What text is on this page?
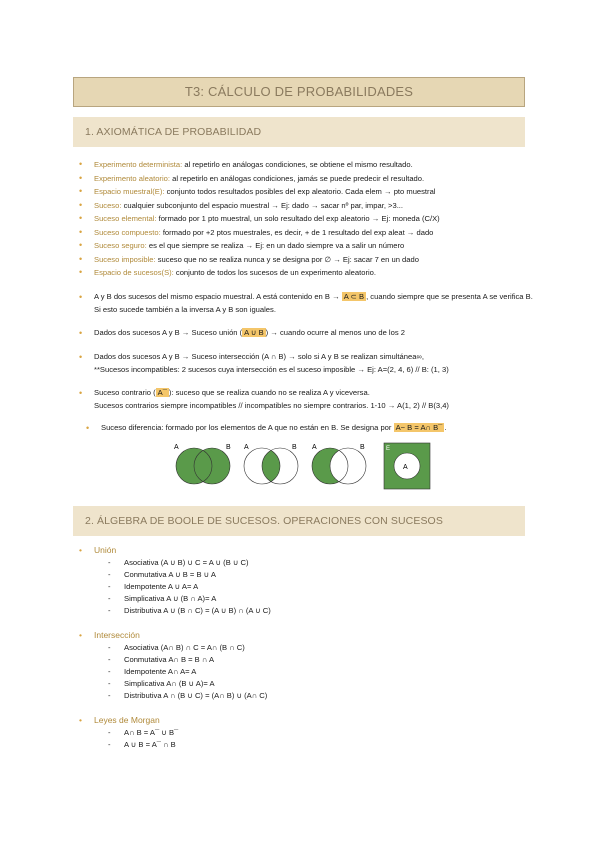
T3: CÁLCULO DE PROBABILIDADES
1. AXIOMÁTICA DE PROBABILIDAD
• Experimento determinista: al repetirlo en análogas condiciones, se obtiene el mismo resultado.
• Experimento aleatorio: al repetirlo en análogas condiciones, jamás se puede predecir el resultado.
• Espacio muestral(E): conjunto todos resultados posibles del exp aleatorio. Cada elem → pto muestral
• Suceso: cualquier subconjunto del espacio muestral → Ej: dado → sacar nº par, impar, >3...
• Suceso elemental: formado por 1 pto muestral, un solo resultado del exp aleatorio → Ej: moneda (C/X)
• Suceso compuesto: formado por +2 ptos muestrales, es decir, + de 1 resultado del exp aleat → dado
• Suceso seguro: es el que siempre se realiza → Ej: en un dado siempre va a salir un número
• Suceso imposible: suceso que no se realiza nunca y se designa por ∅ → Ej: sacar 7 en un dado
• Espacio de sucesos(S): conjunto de todos los sucesos de un experimento aleatorio.
• A y B dos sucesos del mismo espacio muestral. A está contenido en B → A ⊂ B , cuando siempre que se presenta A se verifica B. Si esto sucede también a la inversa A y B son iguales.
• Dados dos sucesos A y B → Suceso unión ( A ∪ B ) → cuando ocurre al menos uno de los 2
• Dados dos sucesos A y B → Suceso intersección (A ∩ B) → solo si A y B se realizan simultánea∞,
**Sucesos incompatibles: 2 sucesos cuya intersección es el suceso imposible → Ej: A=(2, 4, 6) // B: (1, 3)
• Suceso contrario ( A¯ ): suceso que se realiza cuando no se realiza A y viceversa.
Sucesos contrarios siempre incompatibles // incompatibles no siempre contrarios. 1-10 → A(1, 2) // B(3,4)
• Suceso diferencia: formado por los elementos de A que no están en B. Se designa por A− B = A∩ B¯ .
A	B A	B A	B	E
A
2. ÁLGEBRA DE BOOLE DE SUCESOS. OPERACIONES CON SUCESOS
• Unión
- Asociativa (A ∪ B) ∪ C = A ∪ (B ∪ C)
- Conmutativa A ∪ B = B ∪ A
- Idempotente A ∪ A= A
- Simplicativa A ∪ (B ∩ A)= A
- Distributiva A ∪ (B ∩ C) = (A ∪ B) ∩ (A ∪ C)
• Intersección
- Asociativa (A∩ B) ∩ C = A∩ (B ∩ C)
- Conmutativa A∩ B = B ∩ A
- Idempotente A∩ A= A
- Simplicativa A∩ (B ∪ A)= A
- Distributiva A ∩ (B ∪ C) = (A∩ B) ∪ (A∩ C)
• Leyes de Morgan
- A∩ B = A¯ ∪ B¯
- A ∪ B = A¯ ∩ B
